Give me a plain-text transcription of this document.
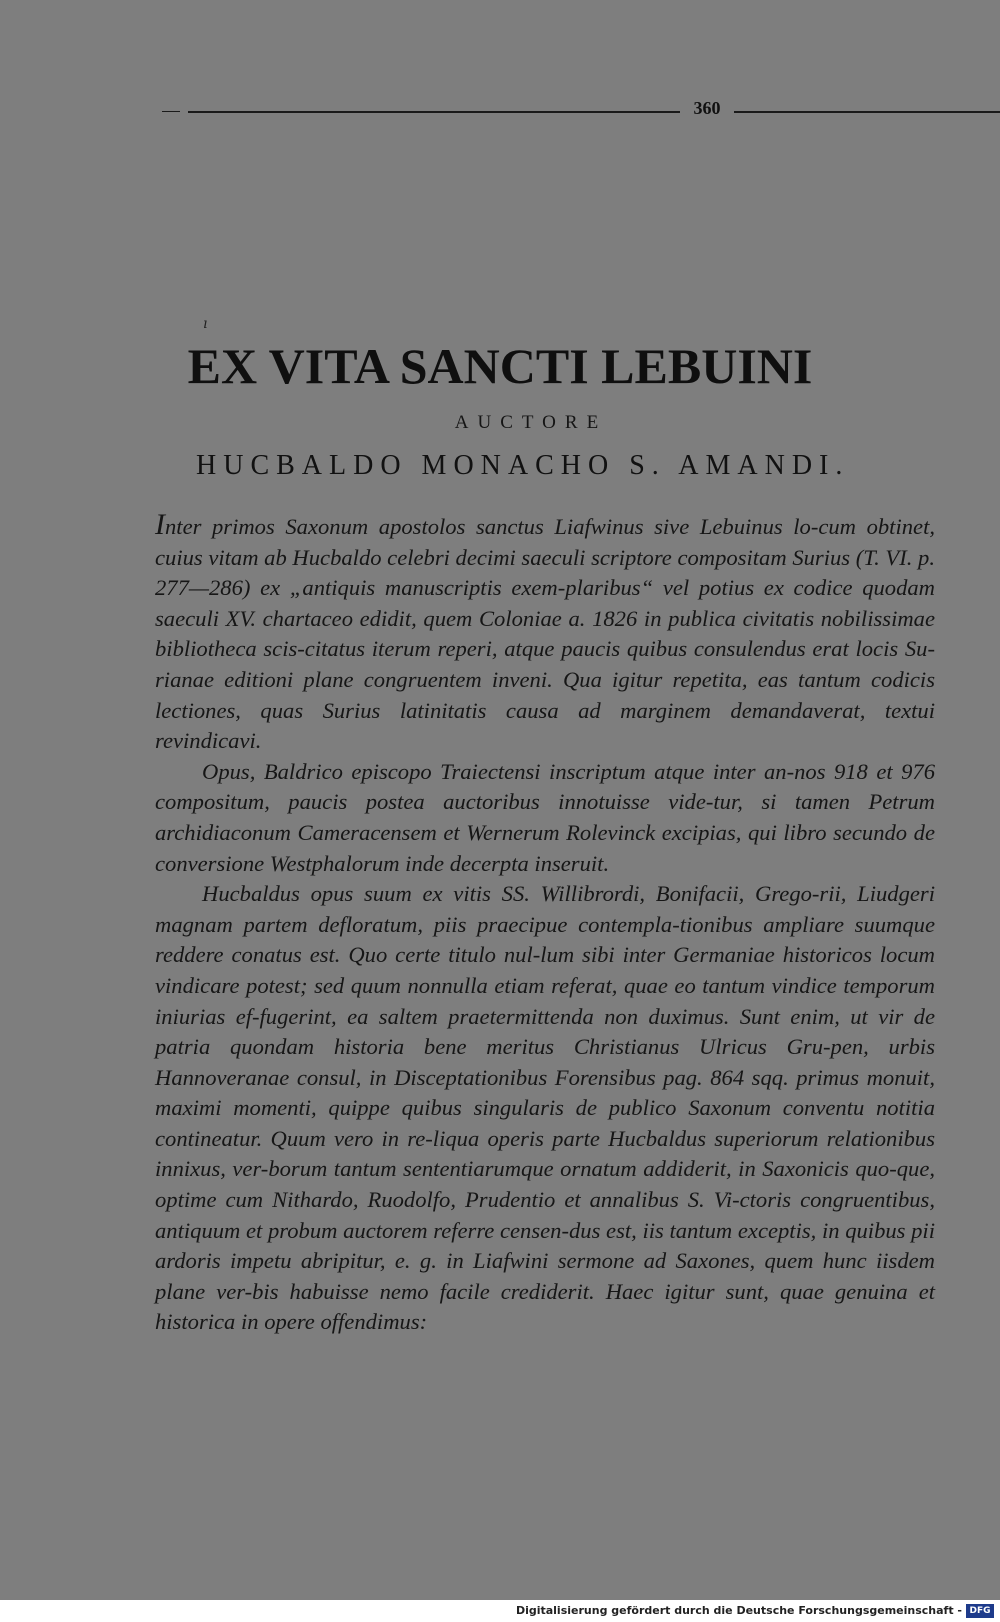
360
ı
EX VITA SANCTI LEBUINI
AUCTORE
HUCBALDO MONACHO S. AMANDI.

Inter primos Saxonum apostolos sanctus Liafwinus sive Lebuinus lo-cum obtinet, cuius vitam ab Hucbaldo celebri decimi saeculi scriptore compositam Surius (T. VI. p. 277—286) ex „antiquis manuscriptis exem-plaribus“ vel potius ex codice quodam saeculi XV. chartaceo edidit, quem Coloniae a. 1826 in publica civitatis nobilissimae bibliotheca scis-citatus iterum reperi, atque paucis quibus consulendus erat locis Su-rianae editioni plane congruentem inveni. Qua igitur repetita, eas tantum codicis lectiones, quas Surius latinitatis causa ad marginem demandaverat, textui revindicavi.

Opus, Baldrico episcopo Traiectensi inscriptum atque inter an-nos 918 et 976 compositum, paucis postea auctoribus innotuisse vide-tur, si tamen Petrum archidiaconum Cameracensem et Wernerum Rolevinck excipias, qui libro secundo de conversione Westphalorum inde decerpta inseruit.

Hucbaldus opus suum ex vitis SS. Willibrordi, Bonifacii, Grego-rii, Liudgeri magnam partem defloratum, piis praecipue contempla-tionibus ampliare suumque reddere conatus est. Quo certe titulo nul-lum sibi inter Germaniae historicos locum vindicare potest; sed quum nonnulla etiam referat, quae eo tantum vindice temporum iniurias ef-fugerint, ea saltem praetermittenda non duximus. Sunt enim, ut vir de patria quondam historia bene meritus Christianus Ulricus Gru-pen, urbis Hannoveranae consul, in Disceptationibus Forensibus pag. 864 sqq. primus monuit, maximi momenti, quippe quibus singularis de publico Saxonum conventu notitia contineatur. Quum vero in re-liqua operis parte Hucbaldus superiorum relationibus innixus, ver-borum tantum sententiarumque ornatum addiderit, in Saxonicis quo-que, optime cum Nithardo, Ruodolfo, Prudentio et annalibus S. Vi-ctoris congruentibus, antiquum et probum auctorem referre censen-dus est, iis tantum exceptis, in quibus pii ardoris impetu abripitur, e. g. in Liafwini sermone ad Saxones, quem hunc iisdem plane ver-bis habuisse nemo facile crediderit. Haec igitur sunt, quae genuina et historica in opere offendimus:

Digitalisierung gefördert durch die Deutsche Forschungsgemeinschaft - DFG
